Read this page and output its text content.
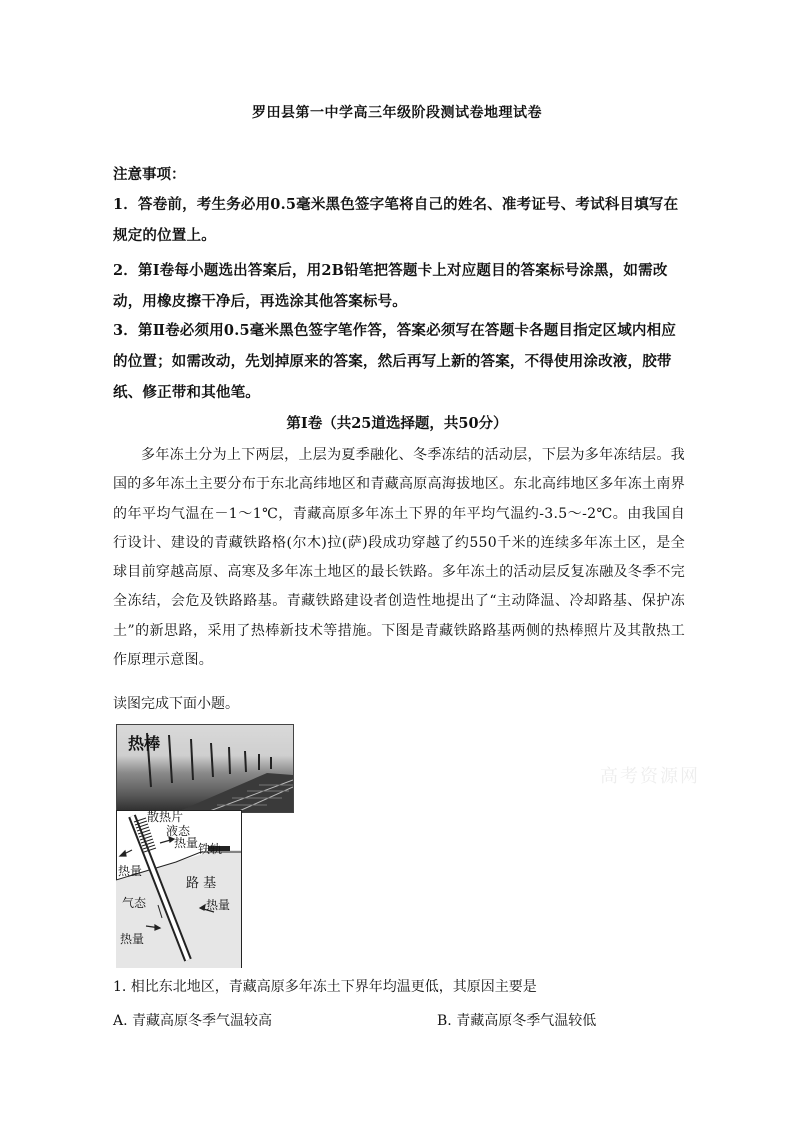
罗田县第一中学高三年级阶段测试卷地理试卷
注意事项：
1．答卷前，考生务必用0.5毫米黑色签字笔将自己的姓名、准考证号、考试科目填写在规定的位置上。
2．第Ⅰ卷每小题选出答案后，用2B铅笔把答题卡上对应题目的答案标号涂黑，如需改动，用橡皮擦干净后，再选涂其他答案标号。
3．第Ⅱ卷必须用0.5毫米黑色签字笔作答，答案必须写在答题卡各题目指定区域内相应的位置；如需改动，先划掉原来的答案，然后再写上新的答案，不得使用涂改液，胶带纸、修正带和其他笔。
第Ⅰ卷（共25道选择题，共50分）
多年冻土分为上下两层，上层为夏季融化、冬季冻结的活动层，下层为多年冻结层。我国的多年冻土主要分布于东北高纬地区和青藏高原高海拔地区。东北高纬地区多年冻土南界的年平均气温在－1～1℃，青藏高原多年冻土下界的年平均气温约-3.5～-2℃。由我国自行设计、建设的青藏铁路格(尔木)拉(萨)段成功穿越了约550千米的连续多年冻土区，是全球目前穿越高原、高寒及多年冻土地区的最长铁路。多年冻土的活动层反复冻融及冬季不完全冻结，会危及铁路路基。青藏铁路建设者创造性地提出了“主动降温、冷却路基、保护冻土”的新思路，采用了热棒新技术等措施。下图是青藏铁路路基两侧的热棒照片及其散热工作原理示意图。
读图完成下面小题。
热棒
散热片
液态
热量 铁轨
热量
路 基
气态	热量
热量
高考资源网
1. 相比东北地区，青藏高原多年冻土下界年均温更低，其原因主要是
A. 青藏高原冬季气温较高	B. 青藏高原冬季气温较低
